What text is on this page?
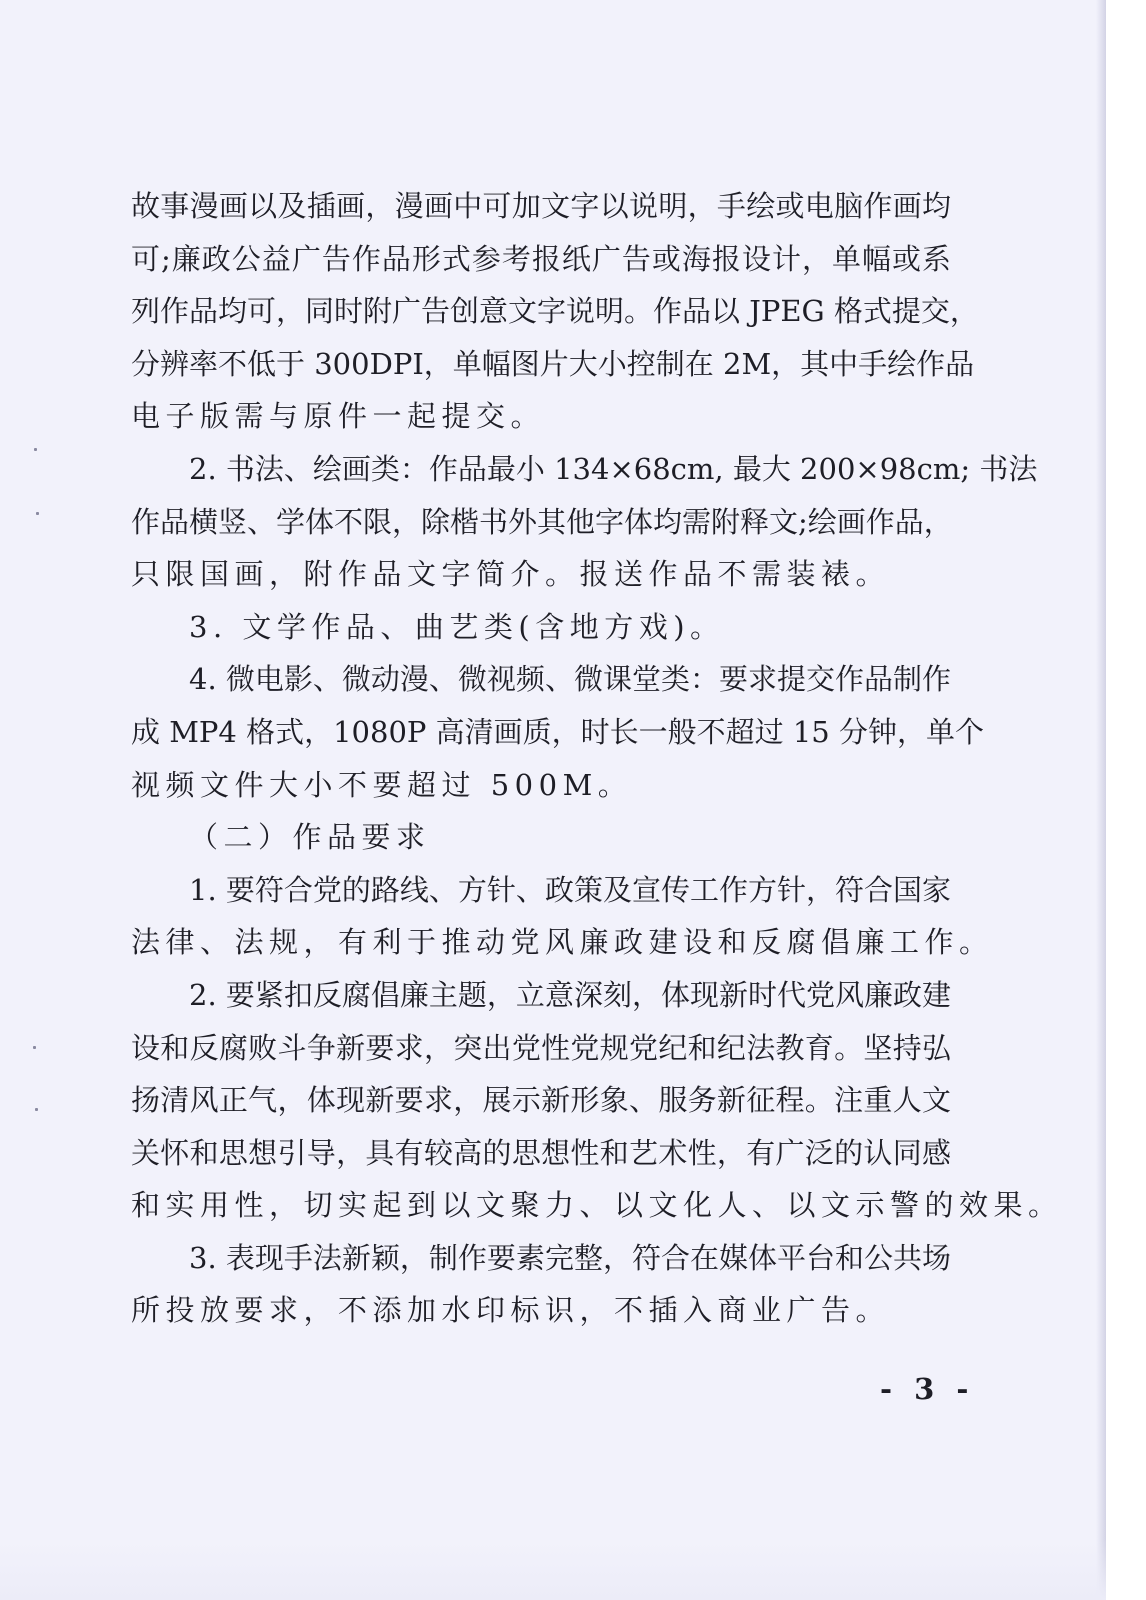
故事漫画以及插画，漫画中可加文字以说明，手绘或电脑作画均
可;廉政公益广告作品形式参考报纸广告或海报设计，单幅或系
列作品均可，同时附广告创意文字说明。作品以 JPEG 格式提交，
分辨率不低于 300DPI，单幅图片大小控制在 2M，其中手绘作品
电子版需与原件一起提交。
2. 书法、绘画类：作品最小 134×68cm, 最大 200×98cm; 书法
作品横竖、学体不限，除楷书外其他字体均需附释文;绘画作品，
只限国画，附作品文字简介。报送作品不需装裱。
3. 文学作品、曲艺类(含地方戏)。
4. 微电影、微动漫、微视频、微课堂类：要求提交作品制作
成 MP4 格式，1080P 高清画质，时长一般不超过 15 分钟，单个
视频文件大小不要超过 500M。
（二）作品要求
1. 要符合党的路线、方针、政策及宣传工作方针，符合国家
法律、法规，有利于推动党风廉政建设和反腐倡廉工作。
2. 要紧扣反腐倡廉主题，立意深刻，体现新时代党风廉政建
设和反腐败斗争新要求，突出党性党规党纪和纪法教育。坚持弘
扬清风正气，体现新要求，展示新形象、服务新征程。注重人文
关怀和思想引导，具有较高的思想性和艺术性，有广泛的认同感
和实用性，切实起到以文聚力、以文化人、以文示警的效果。
3. 表现手法新颖，制作要素完整，符合在媒体平台和公共场
所投放要求，不添加水印标识，不插入商业广告。
- 3 -
